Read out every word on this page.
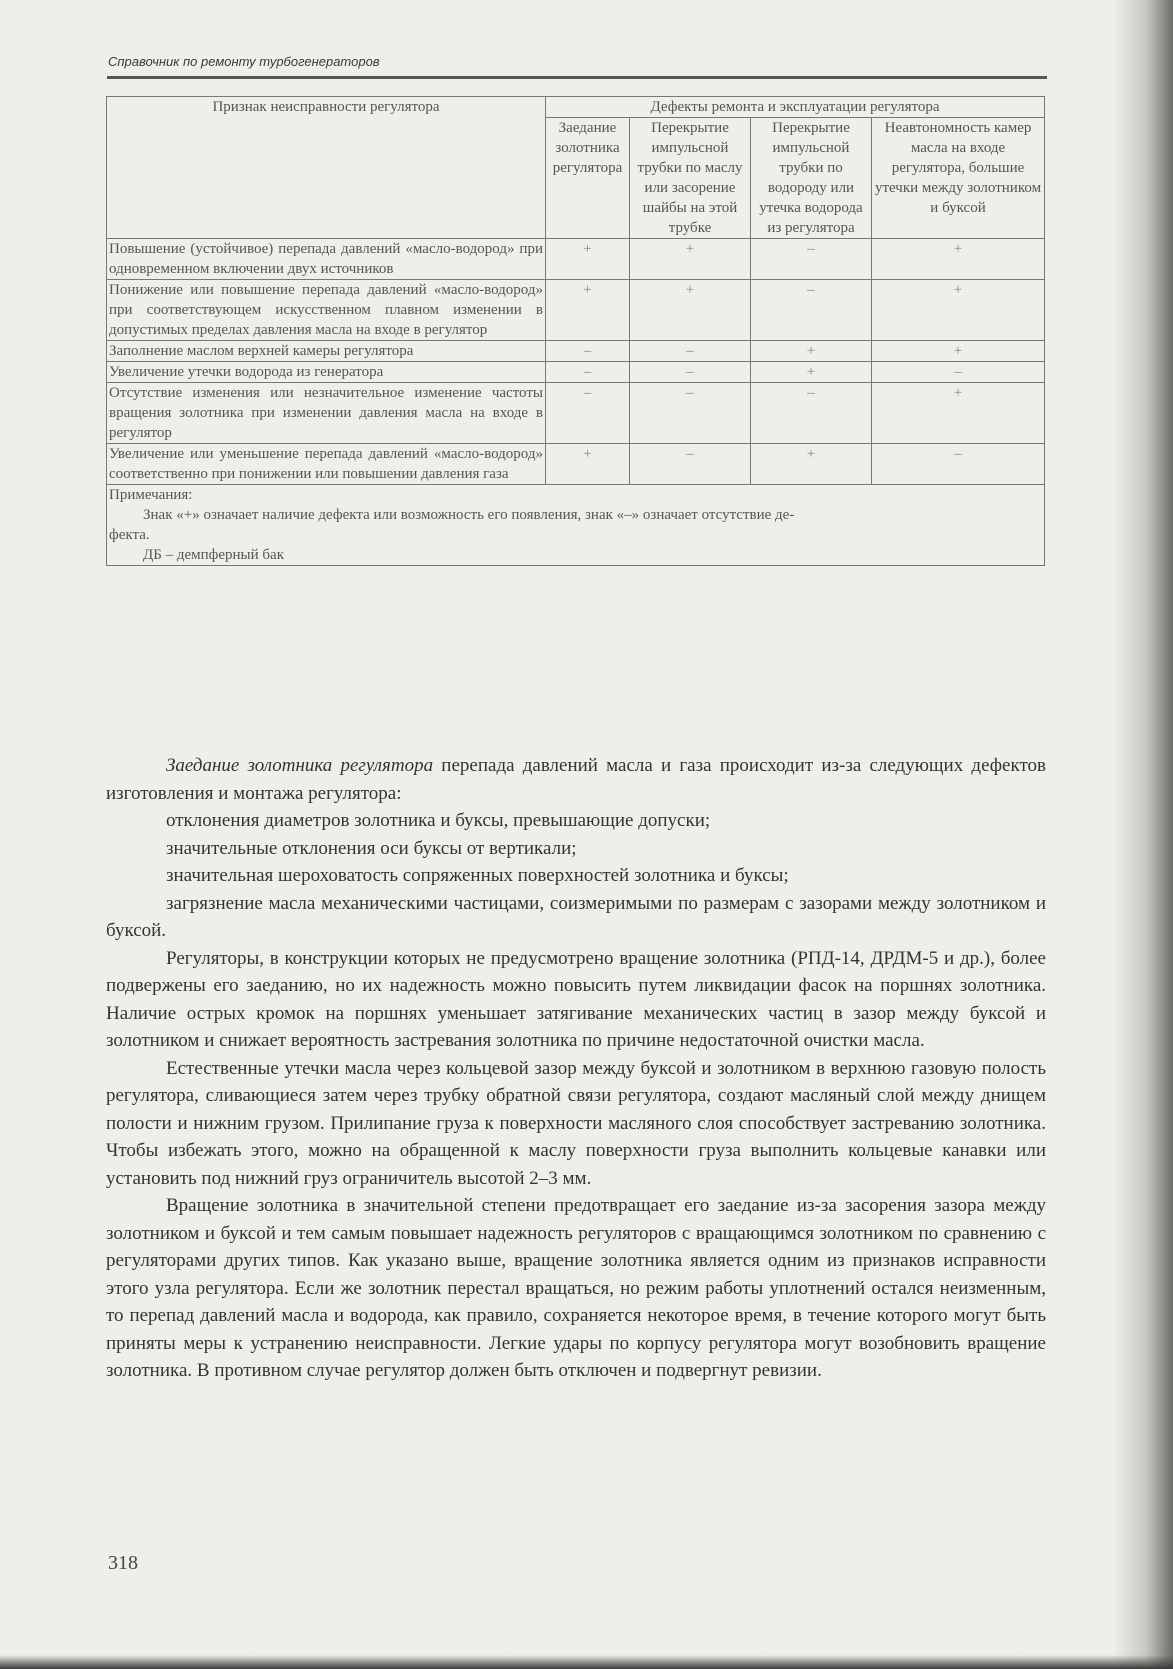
Справочник по ремонту турбогенераторов
Признак неисправности регулятора	Дефекты ремонта и эксплуатации регулятора			
	Заедание золотника регулятора	Перекрытие импульсной трубки по маслу или засорение шайбы на этой трубке	Перекрытие импульсной трубки по водороду или утечка водорода из регулятора	Неавтономность камер масла на входе регулятора, большие утечки между золотником и буксой
Повышение (устойчивое) перепада давлений «масло-водород» при одновременном включении двух источников	+	+	–	+
Понижение или повышение перепада давлений «масло-водород» при соответствующем искусственном плавном изменении в допустимых пределах давления масла на входе в регулятор	+	+	–	+
Заполнение маслом верхней камеры регулятора	–	–	+	+
Увеличение утечки водорода из генератора	–	–	+	–
Отсутствие изменения или незначительное изменение частоты вращения золотника при изменении давления масла на входе в регулятор	–	–	–	+
Увеличение или уменьшение перепада давлений «масло-водород» соответственно при понижении или повышении давления газа	+	–	+	–

Примечания:
Знак «+» означает наличие дефекта или возможность его появления, знак «–» означает отсутствие де-
фекта.
ДБ – демпферный бак				

Заедание золотника регулятора перепада давлений масла и газа происходит из-за следующих дефектов изготовления и монтажа регулятора:

отклонения диаметров золотника и буксы, превышающие допуски;

значительные отклонения оси буксы от вертикали;

значительная шероховатость сопряженных поверхностей золотника и буксы;

загрязнение масла механическими частицами, соизмеримыми по размерам с зазорами между золотником и буксой.

Регуляторы, в конструкции которых не предусмотрено вращение золотника (РПД-14, ДРДМ-5 и др.), более подвержены его заеданию, но их надежность можно повысить путем ликвидации фасок на поршнях золотника. Наличие острых кромок на поршнях уменьшает затягивание механических частиц в зазор между буксой и золотником и снижает вероятность застревания золотника по причине недостаточной очистки масла.

Естественные утечки масла через кольцевой зазор между буксой и золотником в верхнюю газовую полость регулятора, сливающиеся затем через трубку обратной связи регулятора, создают масляный слой между днищем полости и нижним грузом. Прилипание груза к поверхности масляного слоя способствует застреванию золотника. Чтобы избежать этого, можно на обращенной к маслу поверхности груза выполнить кольцевые канавки или установить под нижний груз ограничитель высотой 2–3 мм.

Вращение золотника в значительной степени предотвращает его заедание из-за засорения зазора между золотником и буксой и тем самым повышает надежность регуляторов с вращающимся золотником по сравнению с регуляторами других типов. Как указано выше, вращение золотника является одним из признаков исправности этого узла регулятора. Если же золотник перестал вращаться, но режим работы уплотнений остался неизменным, то перепад давлений масла и водорода, как правило, сохраняется некоторое время, в течение которого могут быть приняты меры к устранению неисправности. Легкие удары по корпусу регулятора могут возобновить вращение золотника. В противном случае регулятор должен быть отключен и подвергнут ревизии.

318
